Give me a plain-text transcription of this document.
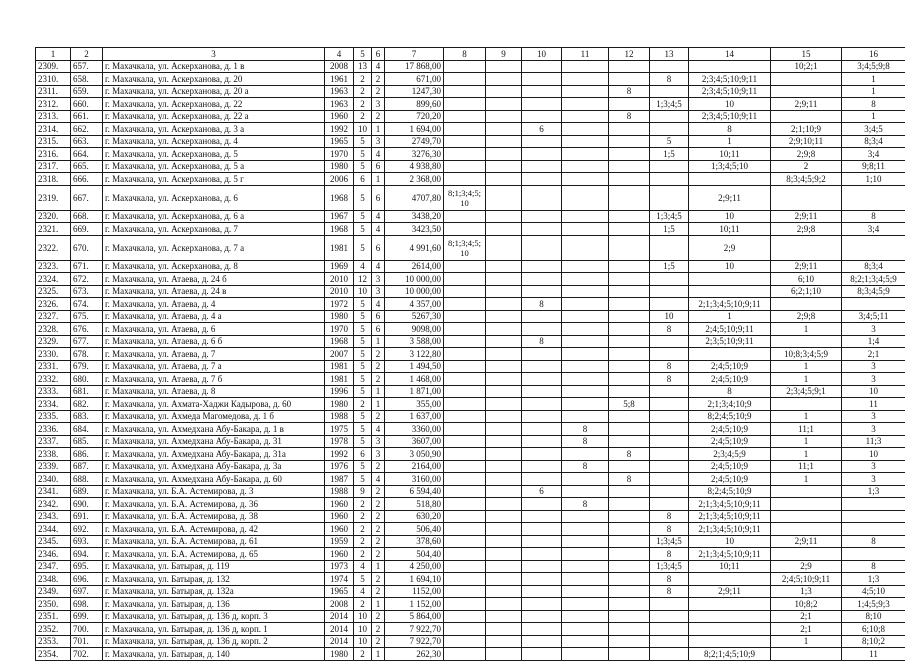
1	2	3	4	5	6	7	8	9	10	11	12	13	14	15	16
2309.	657.	г. Махачкала, ул. Аскерханова, д. 1 в	2008	13	4	17 868,00								10;2;1	3;4;5;9;8
2310.	658.	г. Махачкала, ул. Аскерханова, д. 20	1961	2	2	671,00						8	2;3;4;5;10;9;11		1
2311.	659.	г. Махачкала, ул. Аскерханова, д. 20 а	1963	2	2	1247,30					8		2;3;4;5;10;9;11		1
2312.	660.	г. Махачкала, ул. Аскерханова, д. 22	1963	2	3	899,60						1;3;4;5	10	2;9;11	8
2313.	661.	г. Махачкала, ул. Аскерханова, д. 22 а	1960	2	2	720,20					8		2;3;4;5;10;9;11		1
2314.	662.	г. Махачкала, ул. Аскерханова, д. 3 а	1992	10	1	1 694,00			6				8	2;1;10;9	3;4;5
2315.	663.	г. Махачкала, ул. Аскерханова, д. 4	1965	5	3	2749,70						5	1	2;9;10;11	8;3;4
2316.	664.	г. Махачкала, ул. Аскерханова, д. 5	1970	5	4	3276,30						1;5	10;11	2;9;8	3;4
2317.	665.	г. Махачкала, ул. Аскерханова, д. 5 а	1980	5	6	4 938,80							1;3;4;5;10	2	9;8;11
2318.	666.	г. Махачкала, ул. Аскерханова, д. 5 г	2006	6	1	2 368,00								8;3;4;5;9;2	1;10
2319.	667.	г. Махачкала, ул. Аскерханова, д. 6	1968	5	6	4707,80	8;1;3;4;5; 10						2;9;11		
2320.	668.	г. Махачкала, ул. Аскерханова, д. 6 а	1967	5	4	3438,20						1;3;4;5	10	2;9;11	8
2321.	669.	г. Махачкала, ул. Аскерханова, д. 7	1968	5	4	3423,50						1;5	10;11	2;9;8	3;4
2322.	670.	г. Махачкала, ул. Аскерханова, д. 7 а	1981	5	6	4 991,60	8;1;3;4;5; 10						2;9		
2323.	671.	г. Махачкала, ул. Аскерханова, д. 8	1969	4	4	2614,00						1;5	10	2;9;11	8;3;4
2324.	672.	г. Махачкала, ул. Атаева, д. 24 б	2010	12	3	10 000,00								6;10	8;2;1;3;4;5;9
2325.	673.	г. Махачкала, ул. Атаева, д. 24 в	2010	10	3	10 000,00								6;2;1;10	8;3;4;5;9
2326.	674.	г. Махачкала, ул. Атаева, д. 4	1972	5	4	4 357,00			8				2;1;3;4;5;10;9;11		
2327.	675.	г. Махачкала, ул. Атаева, д. 4 а	1980	5	6	5267,30						10	1	2;9;8	3;4;5;11
2328.	676.	г. Махачкала, ул. Атаева, д. 6	1970	5	6	9098,00						8	2;4;5;10;9;11	1	3
2329.	677.	г. Махачкала, ул. Атаева, д. 6 б	1968	5	1	3 588,00			8				2;3;5;10;9;11		1;4
2330.	678.	г. Махачкала, ул. Атаева, д. 7	2007	5	2	3 122,80								10;8;3;4;5;9	2;1
2331.	679.	г. Махачкала, ул. Атаева, д. 7 а	1981	5	2	1 494,50						8	2;4;5;10;9	1	3
2332.	680.	г. Махачкала, ул. Атаева, д. 7 б	1981	5	2	1 468,00						8	2;4;5;10;9	1	3
2333.	681.	г. Махачкала, ул. Атаева, д. 8	1996	5	1	1 871,00							8	2;3;4;5;9;1	10
2334.	682.	г. Махачкала, ул. Ахмата-Хаджи Кадырова, д. 60	1980	2	1	355,00					5;8		2;1;3;4;10;9		11
2335.	683.	г. Махачкала, ул. Ахмеда Магомедова, д. 1 б	1988	5	2	1 637,00							8;2;4;5;10;9	1	3
2336.	684.	г. Махачкала, ул. Ахмедхана Абу-Бакара, д. 1 в	1975	5	4	3360,00				8			2;4;5;10;9	11;1	3
2337.	685.	г. Махачкала, ул. Ахмедхана Абу-Бакара, д. 31	1978	5	3	3607,00				8			2;4;5;10;9	1	11;3
2338.	686.	г. Махачкала, ул. Ахмедхана Абу-Бакара, д. 31а	1992	6	3	3 050,90					8		2;3;4;5;9	1	10
2339.	687.	г. Махачкала, ул. Ахмедхана Абу-Бакара, д. 3а	1976	5	2	2164,00				8			2;4;5;10;9	11;1	3
2340.	688.	г. Махачкала, ул. Ахмедхана Абу-Бакара, д. 60	1987	5	4	3160,00					8		2;4;5;10;9	1	3
2341.	689.	г. Махачкала, ул. Б.А. Астемирова, д. 3	1988	9	2	6 594,40			6				8;2;4;5;10;9		1;3
2342.	690.	г. Махачкала, ул. Б.А. Астемирова, д. 36	1960	2	2	518,80				8			2;1;3;4;5;10;9;11		
2343.	691.	г. Махачкала, ул. Б.А. Астемирова, д. 38	1960	2	2	630,20						8	2;1;3;4;5;10;9;11		
2344.	692.	г. Махачкала, ул. Б.А. Астемирова, д. 42	1960	2	2	506,40						8	2;1;3;4;5;10;9;11		
2345.	693.	г. Махачкала, ул. Б.А. Астемирова, д. 61	1959	2	2	378,60						1;3;4;5	10	2;9;11	8
2346.	694.	г. Махачкала, ул. Б.А. Астемирова, д. 65	1960	2	2	504,40						8	2;1;3;4;5;10;9;11		
2347.	695.	г. Махачкала, ул. Батырая, д. 119	1973	4	1	4 250,00						1;3;4;5	10;11	2;9	8
2348.	696.	г. Махачкала, ул. Батырая, д. 132	1974	5	2	1 694,10						8		2;4;5;10;9;11	1;3
2349.	697.	г. Махачкала, ул. Батырая, д. 132а	1965	4	2	1152,00						8	2;9;11	1;3	4;5;10
2350.	698.	г. Махачкала, ул. Батырая, д. 136	2008	2	1	1 152,00								10;8;2	1;4;5;9;3
2351.	699.	г. Махачкала, ул. Батырая, д. 136 д, корп. 3	2014	10	2	5 864,00								2;1	8;10
2352.	700.	г. Махачкала, ул. Батырая, д. 136 д, корп. 1	2014	10	2	7 922,70								2;1	6;10;8
2353.	701.	г. Махачкала, ул. Батырая, д. 136 д, корп. 2	2014	10	2	7 922,70								1	8;10;2
2354.	702.	г. Махачкала, ул. Батырая, д. 140	1980	2	1	262,30							8;2;1;4;5;10;9		11
